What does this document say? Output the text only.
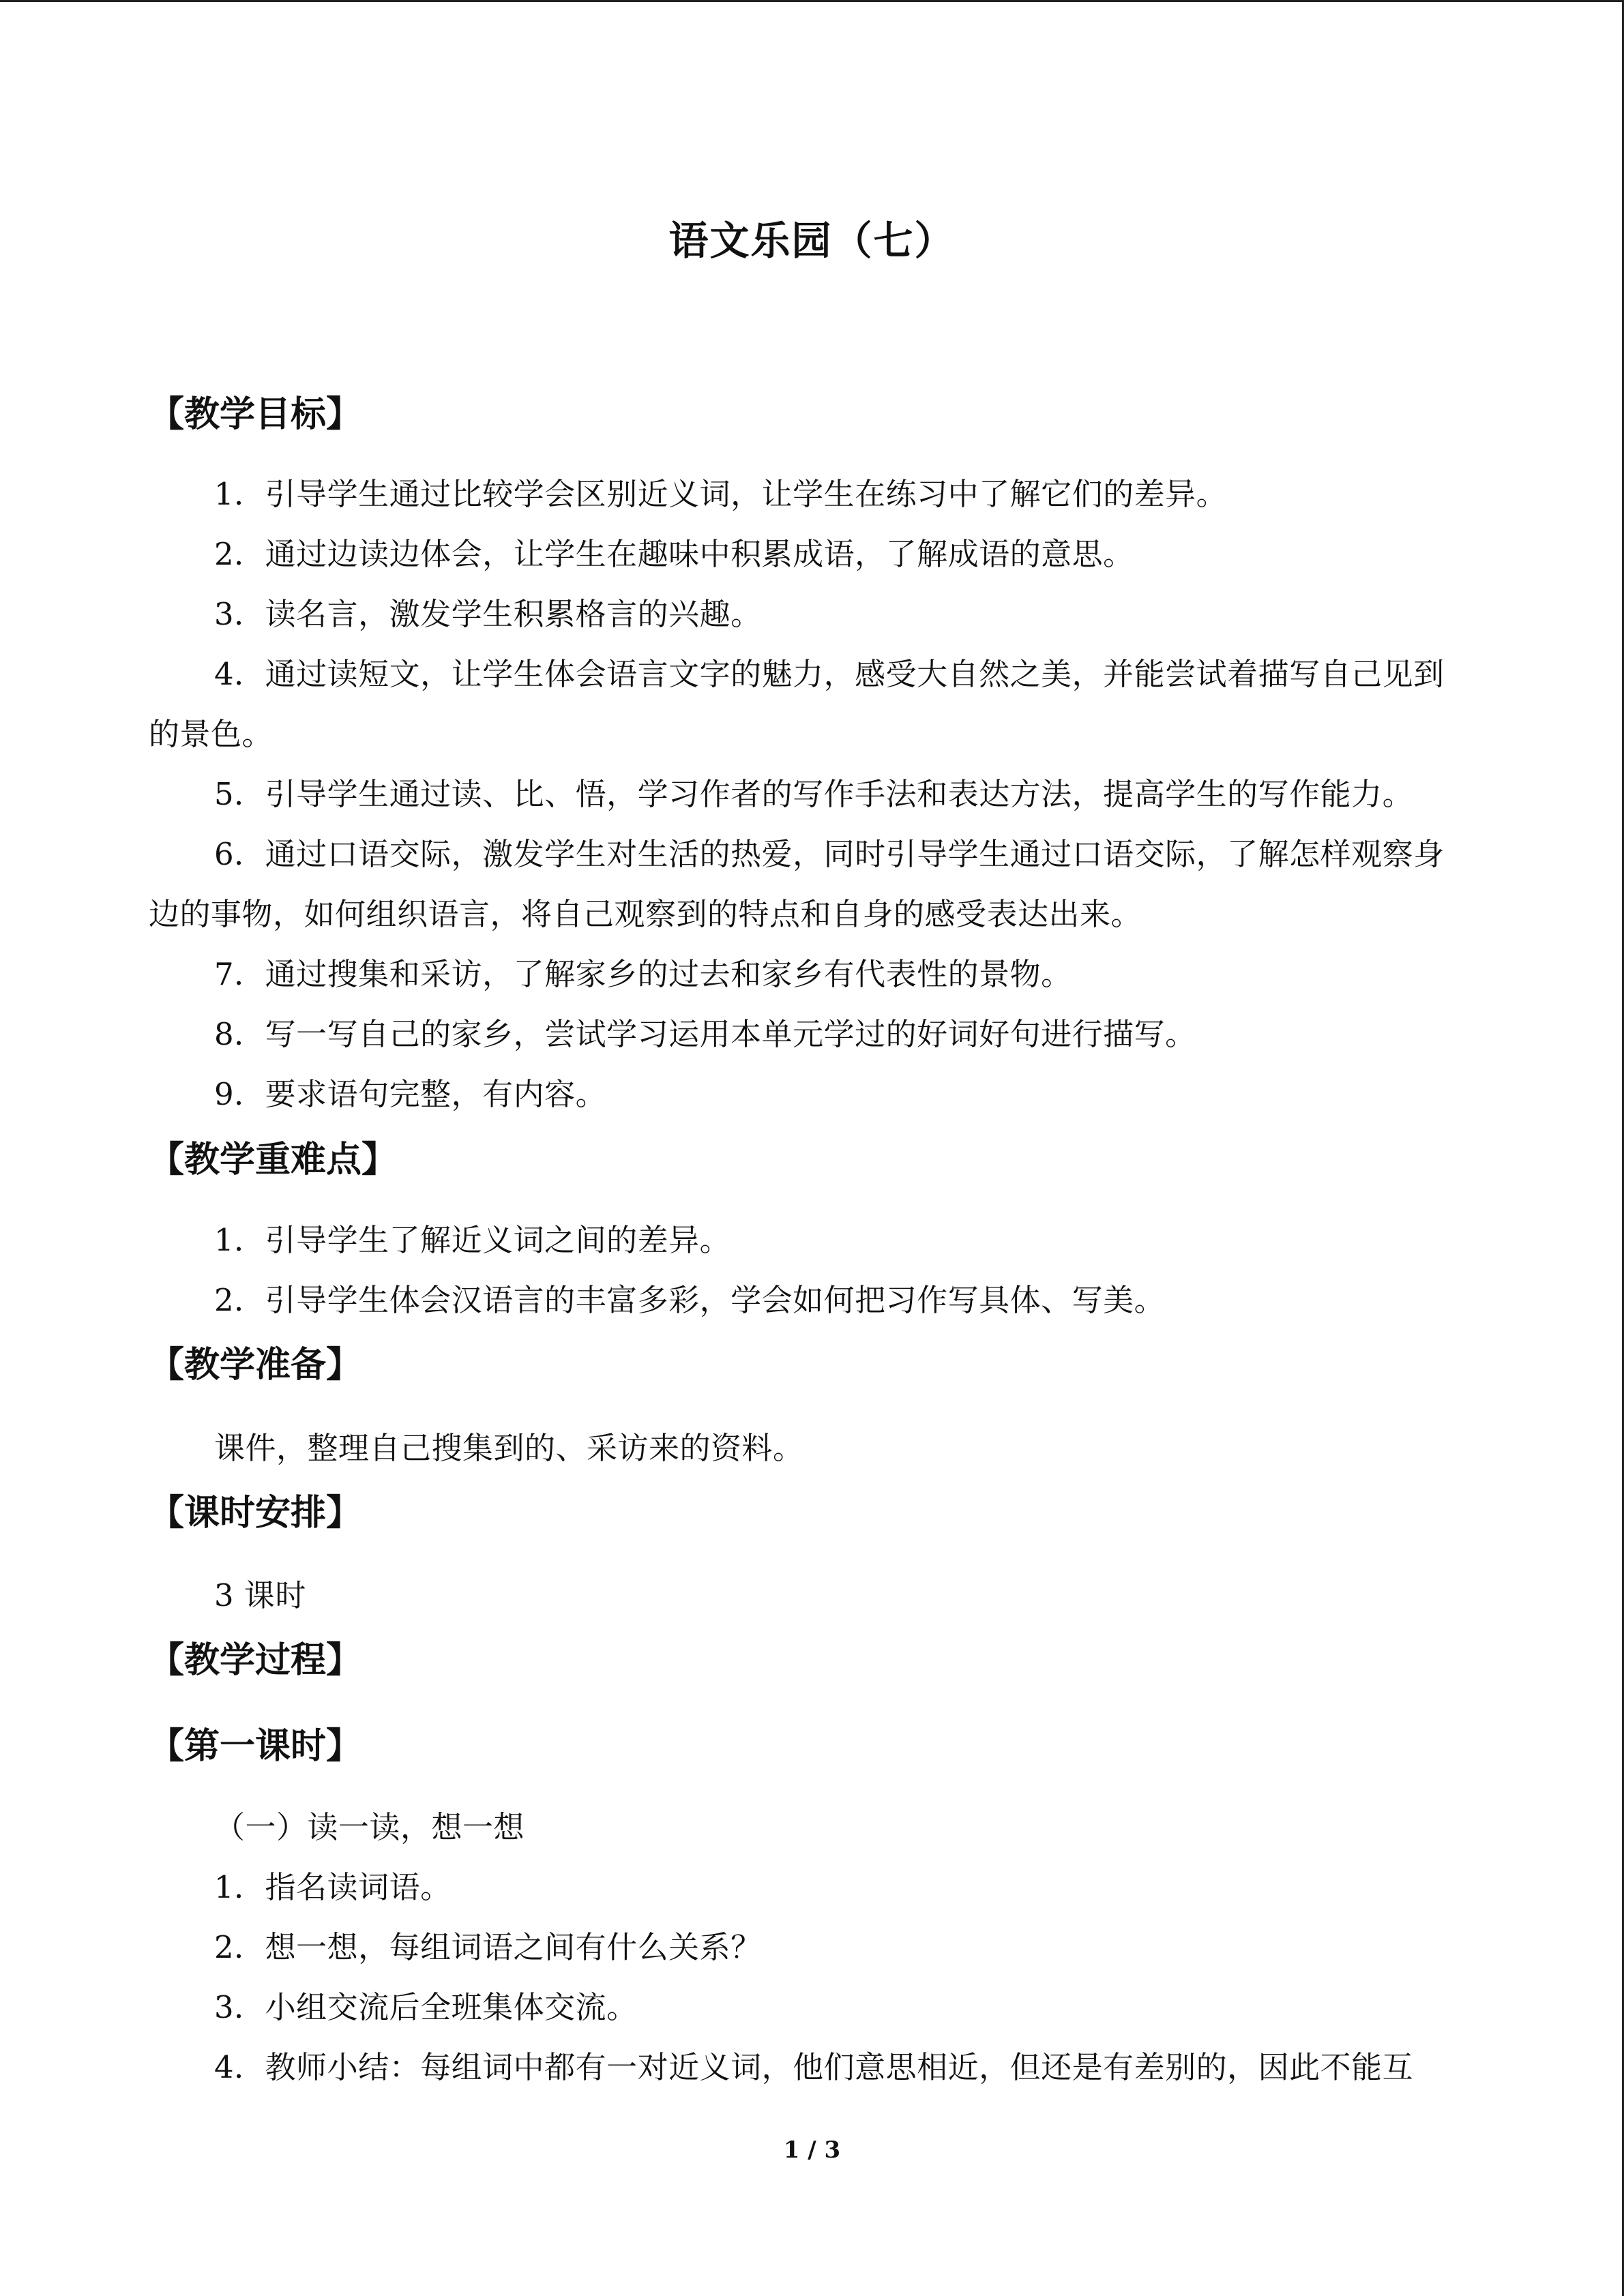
语文乐园（七）
【教学目标】
1．引导学生通过比较学会区别近义词，让学生在练习中了解它们的差异。
2．通过边读边体会，让学生在趣味中积累成语，了解成语的意思。
3．读名言，激发学生积累格言的兴趣。
4．通过读短文，让学生体会语言文字的魅力，感受大自然之美，并能尝试着描写自己见到的景色。
5．引导学生通过读、比、悟，学习作者的写作手法和表达方法，提高学生的写作能力。
6．通过口语交际，激发学生对生活的热爱，同时引导学生通过口语交际，了解怎样观察身边的事物，如何组织语言，将自己观察到的特点和自身的感受表达出来。
7．通过搜集和采访，了解家乡的过去和家乡有代表性的景物。
8．写一写自己的家乡，尝试学习运用本单元学过的好词好句进行描写。
9．要求语句完整，有内容。
【教学重难点】
1．引导学生了解近义词之间的差异。
2．引导学生体会汉语言的丰富多彩，学会如何把习作写具体、写美。
【教学准备】
课件，整理自己搜集到的、采访来的资料。
【课时安排】
3 课时
【教学过程】
【第一课时】
（一）读一读，想一想
1．指名读词语。
2．想一想，每组词语之间有什么关系？
3．小组交流后全班集体交流。
4．教师小结：每组词中都有一对近义词，他们意思相近，但还是有差别的，因此不能互
1 / 3
